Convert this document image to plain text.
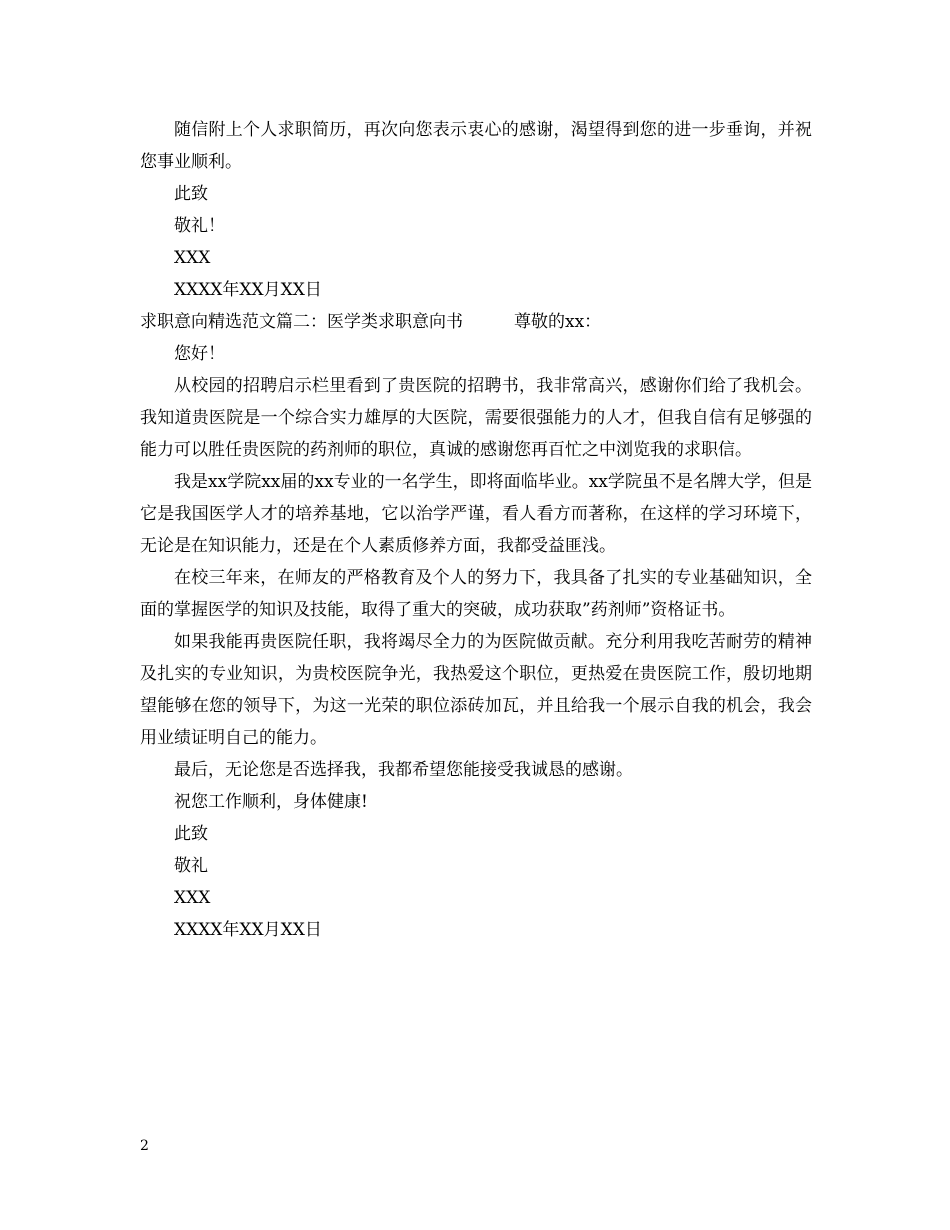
随信附上个人求职简历，再次向您表示衷心的感谢，渴望得到您的进一步垂询，并祝您事业顺利。

此致

敬礼！

XXX

XXXX年XX月XX日

求职意向精选范文篇二：医学类求职意向书　　　尊敬的xx：

您好！

从校园的招聘启示栏里看到了贵医院的招聘书，我非常高兴，感谢你们给了我机会。我知道贵医院是一个综合实力雄厚的大医院，需要很强能力的人才，但我自信有足够强的能力可以胜任贵医院的药剂师的职位，真诚的感谢您再百忙之中浏览我的求职信。

我是xx学院xx届的xx专业的一名学生，即将面临毕业。xx学院虽不是名牌大学，但是它是我国医学人才的培养基地，它以治学严谨，看人看方而著称，在这样的学习环境下，无论是在知识能力，还是在个人素质修养方面，我都受益匪浅。

在校三年来，在师友的严格教育及个人的努力下，我具备了扎实的专业基础知识，全面的掌握医学的知识及技能，取得了重大的突破，成功获取”药剂师”资格证书。

如果我能再贵医院任职，我将竭尽全力的为医院做贡献。充分利用我吃苦耐劳的精神及扎实的专业知识，为贵校医院争光，我热爱这个职位，更热爱在贵医院工作，殷切地期望能够在您的领导下，为这一光荣的职位添砖加瓦，并且给我一个展示自我的机会，我会用业绩证明自己的能力。

最后，无论您是否选择我，我都希望您能接受我诚恳的感谢。

祝您工作顺利，身体健康!

此致

敬礼

XXX

XXXX年XX月XX日

2
